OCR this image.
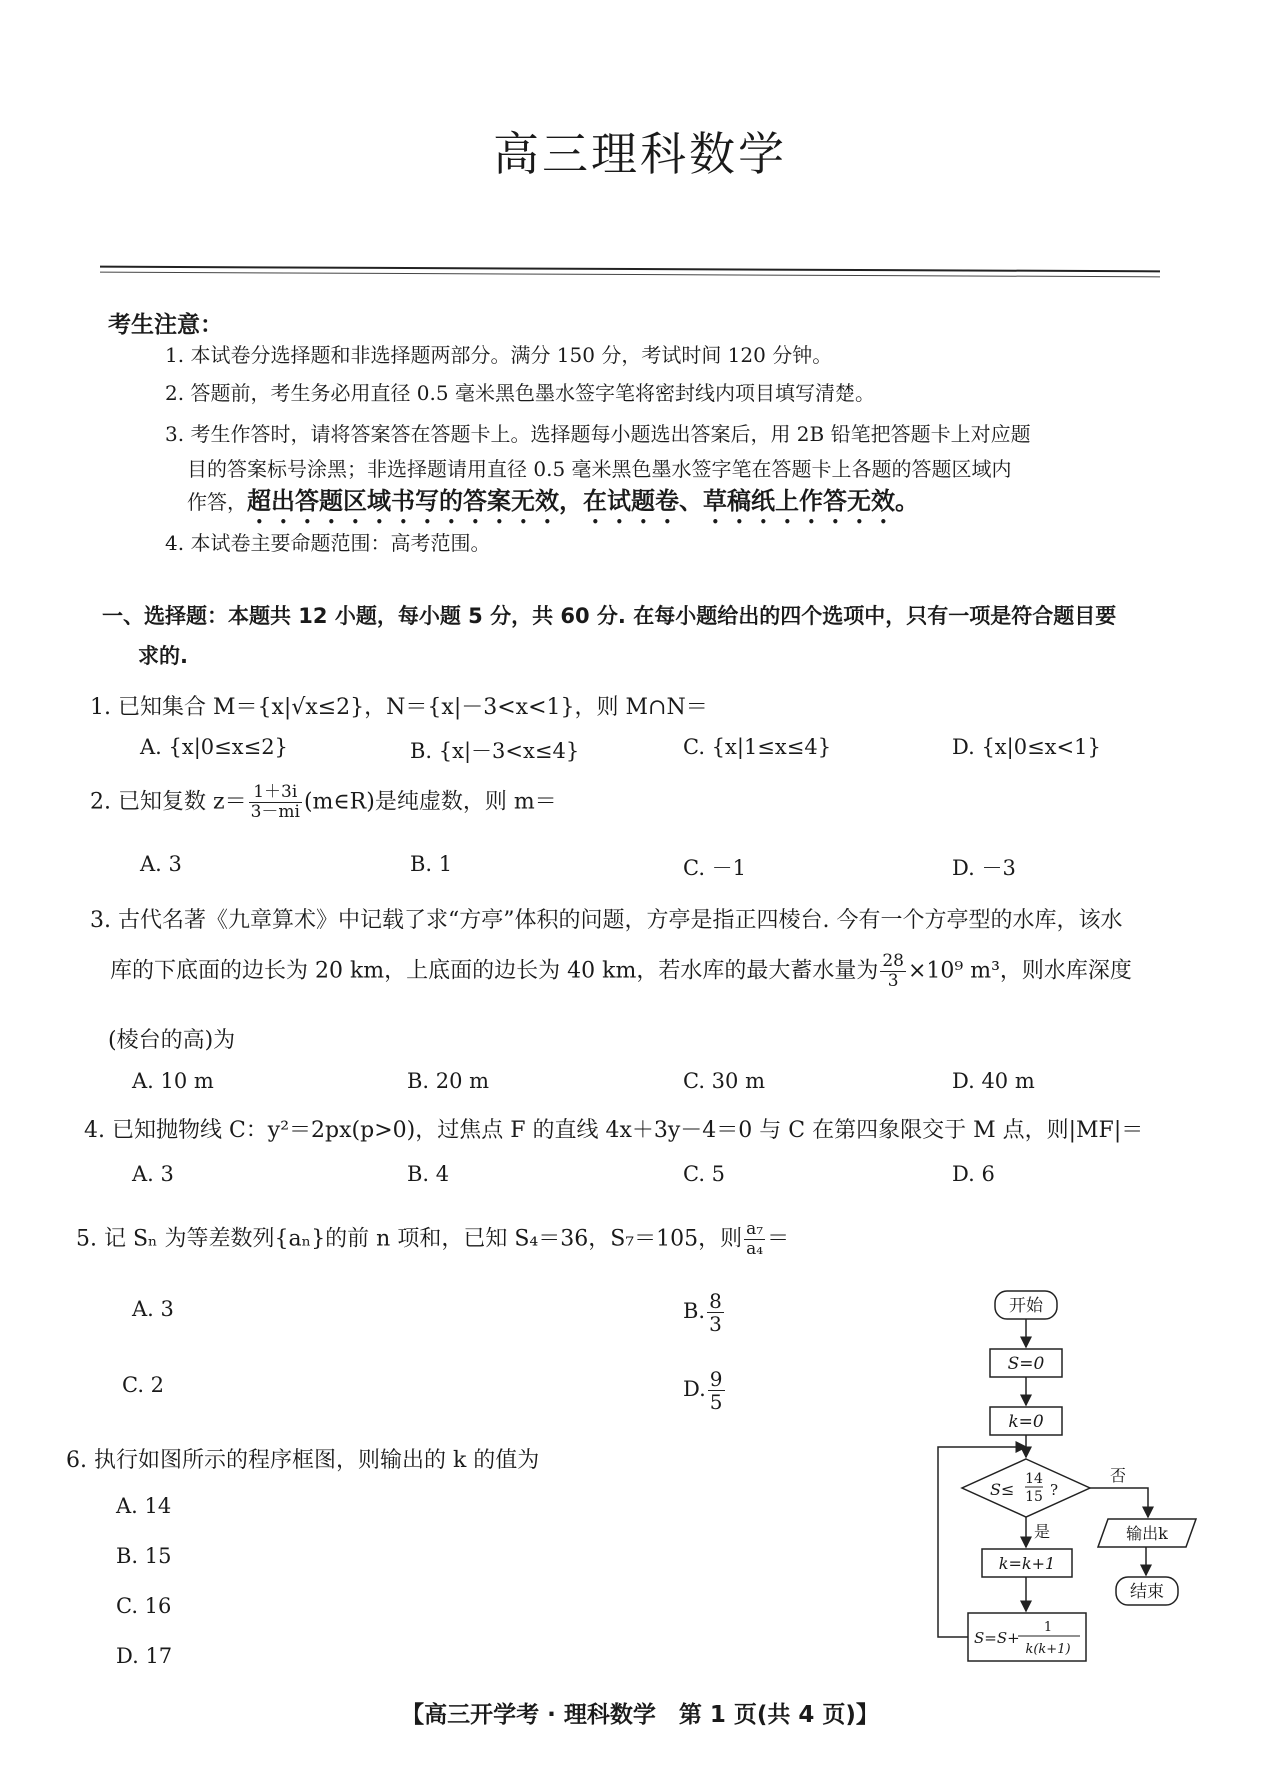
高三理科数学
考生注意：
1. 本试卷分选择题和非选择题两部分。满分 150 分，考试时间 120 分钟。
2. 答题前，考生务必用直径 0.5 毫米黑色墨水签字笔将密封线内项目填写清楚。
3. 考生作答时，请将答案答在答题卡上。选择题每小题选出答案后，用 2B 铅笔把答题卡上对应题
目的答案标号涂黑；非选择题请用直径 0.5 毫米黑色墨水签字笔在答题卡上各题的答题区域内
作答，超出答题区域书写的答案无效，在试题卷、草稿纸上作答无效。
4. 本试卷主要命题范围：高考范围。
一、选择题：本题共 12 小题，每小题 5 分，共 60 分. 在每小题给出的四个选项中，只有一项是符合题目要
求的.
1. 已知集合 M＝{x|√x≤2}，N＝{x|－3<x<1}，则 M∩N＝
A. {x|0≤x≤2}	B. {x|－3<x≤4}	C. {x|1≤x≤4}	D. {x|0≤x<1}
2. 已知复数 $z= \frac{1+3i}{3-mi}$ (m∈R)是纯虚数，则 m＝
A. 3	B. 1	C. －1	D. －3
3. 古代名著《九章算术》中记载了求“方亭”体积的问题，方亭是指正四棱台. 今有一个方亭型的水库，该水
库的下底面的边长为 20 km，上底面的边长为 40 km，若水库的最大蓄水量为 $\frac{28}{3} \times 10^9$ m³，则水库深度
(棱台的高)为
A. 10 m	B. 20 m	C. 30 m	D. 40 m
4. 已知抛物线 C：y²＝2px(p>0)，过焦点 F 的直线 4x＋3y－4＝0 与 C 在第四象限交于 M 点，则|MF|＝
A. 3	B. 4	C. 5	D. 6
5. 记 Sₙ 为等差数列{aₙ}的前 n 项和，已知 S₄＝36，S₇＝105，则 $\frac{\text{a₇}}{\text{a₄}}$ ＝
A. 3	B. $\frac{8}{3}$
C. 2	D. $\frac{9}{5}$
6. 执行如图所示的程序框图，则输出的 k 的值为
A. 14
B. 15
C. 16
D. 17
开始
S=0
k=0
S≤
14
15 ?
否
是	输出k
结束
k=k+1
S=S+
1
k(k+1)
【高三开学考 · 理科数学　第 1 页(共 4 页)】
